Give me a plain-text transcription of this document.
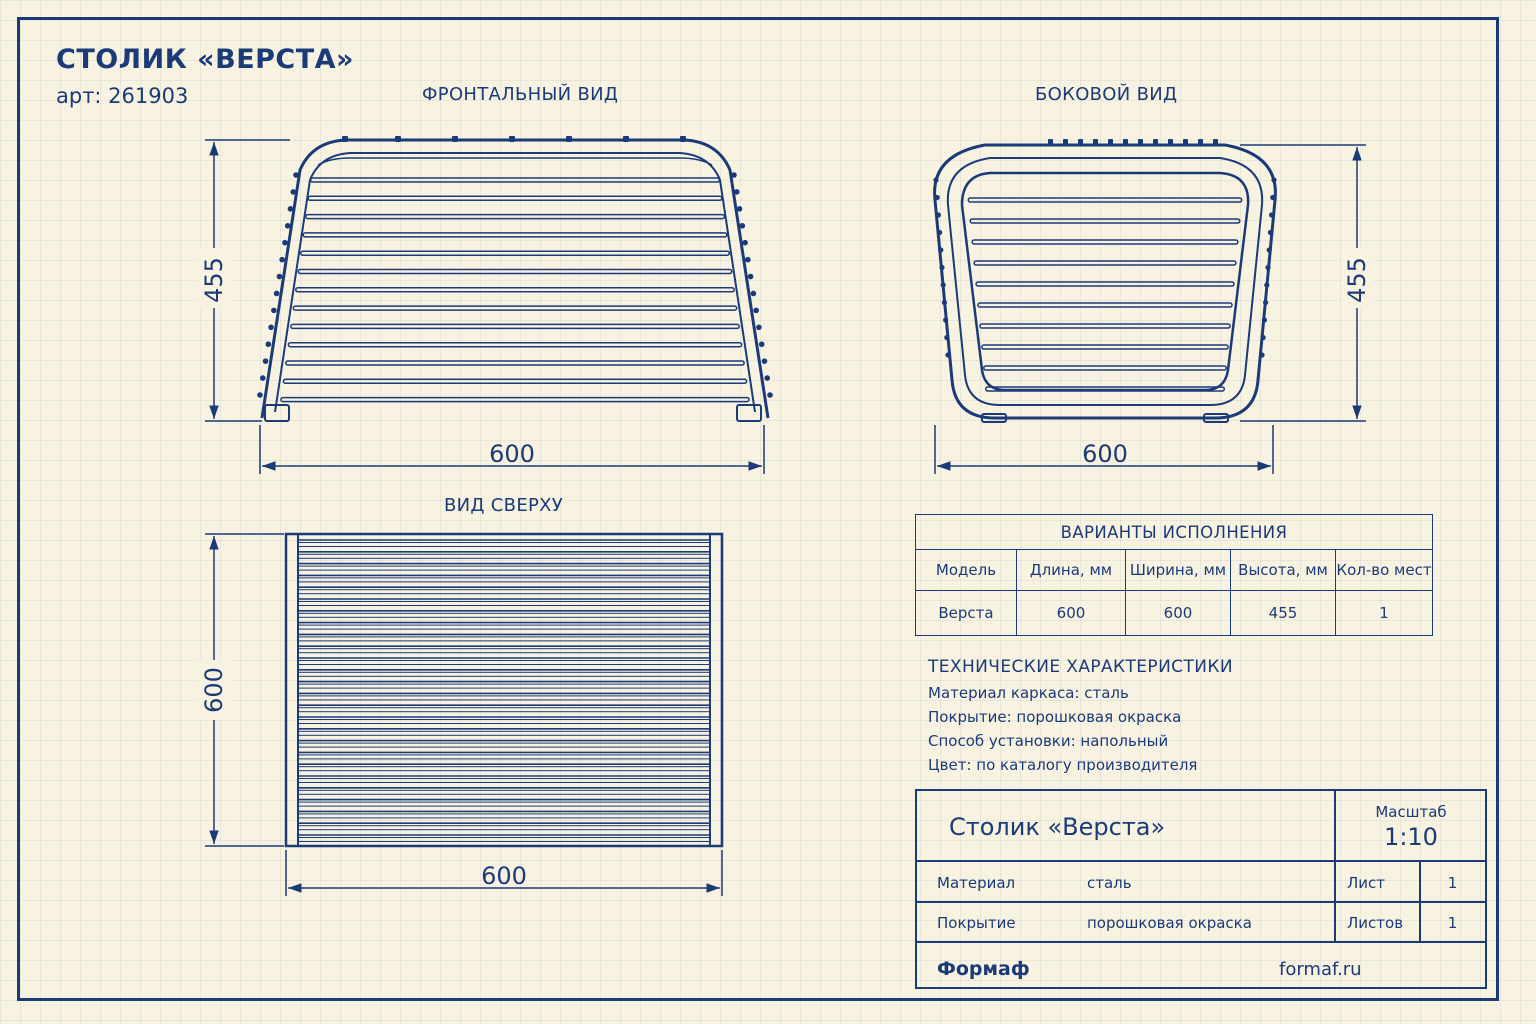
СТОЛИК «ВЕРСТА»
арт: 261903	ФРОНТАЛЬНЫЙ ВИД	БОКОВОЙ ВИД
ВИД СВЕРХУ
455
600
455
600
600
600
ВАРИАНТЫ ИСПОЛНЕНИЯ				
Модель	Длина, мм	Ширина, мм	Высота, мм	Кол-во мест
Верста	600	600	455	1
ТЕХНИЧЕСКИЕ ХАРАКТЕРИСТИКИ
Материал каркаса: сталь
Покрытие: порошковая окраска
Способ установки: напольный
Цвет: по каталогу производителя
Столик «Верста»
Масштаб
1:10
Материал	сталь	Лист	1
Покрытие	порошковая окраска	Листов	1
Формаф	formaf.ru
